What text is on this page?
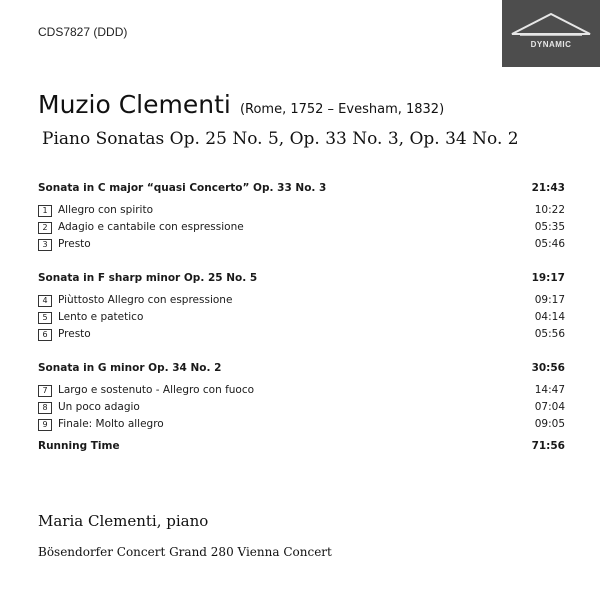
CDS7827 (DDD)
DYNAMIC
Muzio Clementi (Rome, 1752 – Evesham, 1832)
Piano Sonatas Op. 25 No. 5, Op. 33 No. 3, Op. 34 No. 2
Sonata in C major “quasi Concerto” Op. 33 No. 3	21:43
1 Allegro con spirito	10:22
2 Adagio e cantabile con espressione	05:35
3 Presto	05:46
Sonata in F sharp minor Op. 25 No. 5	19:17
4 Piùttosto Allegro con espressione	09:17
5 Lento e patetico	04:14
6 Presto	05:56
Sonata in G minor Op. 34 No. 2	30:56
7 Largo e sostenuto - Allegro con fuoco	14:47
8 Un poco adagio	07:04
9 Finale: Molto allegro	09:05
Running Time	71:56
Maria Clementi, piano
Bösendorfer Concert Grand 280 Vienna Concert
